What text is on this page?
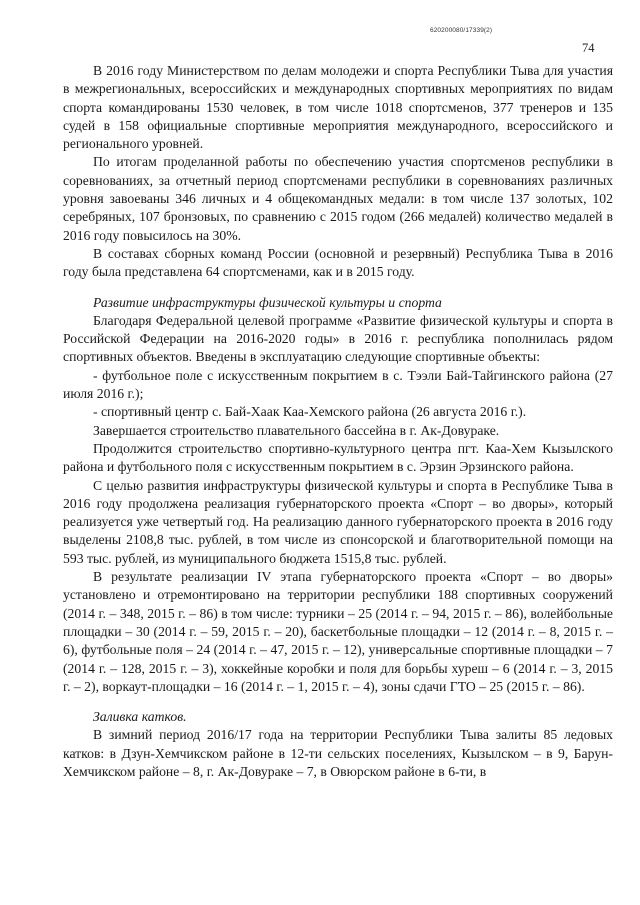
620200080/17339(2)
74

В 2016 году Министерством по делам молодежи и спорта Республики Тыва для участия в межрегиональных, всероссийских и международных спортивных мероприятиях по видам спорта командированы 1530 человек, в том числе 1018 спортсменов, 377 тренеров и 135 судей в 158 официальные спортивные мероприятия международного, всероссийского и регионального уровней.

По итогам проделанной работы по обеспечению участия спортсменов республики в соревнованиях, за отчетный период спортсменами республики в соревнованиях различных уровня завоеваны 346 личных и 4 общекомандных медали: в том числе 137 золотых, 102 серебряных, 107 бронзовых, по сравнению с 2015 годом (266 медалей) количество медалей в 2016 году повысилось на 30%.

В составах сборных команд России (основной и резервный) Республика Тыва в 2016 году была представлена 64 спортсменами, как и в 2015 году.

Развитие инфраструктуры физической культуры и спорта

Благодаря Федеральной целевой программе «Развитие физической культуры и спорта в Российской Федерации на 2016-2020 годы» в 2016 г. республика пополнилась рядом спортивных объектов. Введены в эксплуатацию следующие спортивные объекты:

- футбольное поле с искусственным покрытием в с. Тээли Бай-Тайгинского района (27 июля 2016 г.);

- спортивный центр с. Бай-Хаак Каа-Хемского района (26 августа 2016 г.).

Завершается строительство плавательного бассейна в г. Ак-Довураке.

Продолжится строительство спортивно-культурного центра пгт. Каа-Хем Кызылского района и футбольного поля с искусственным покрытием в с. Эрзин Эрзинского района.

С целью развития инфраструктуры физической культуры и спорта в Республике Тыва в 2016 году продолжена реализация губернаторского проекта «Спорт – во дворы», который реализуется уже четвертый год. На реализацию данного губернаторского проекта в 2016 году выделены 2108,8 тыс. рублей, в том числе из спонсорской и благотворительной помощи на 593 тыс. рублей, из муниципального бюджета 1515,8 тыс. рублей.

В результате реализации IV этапа губернаторского проекта «Спорт – во дворы» установлено и отремонтировано на территории республики 188 спортивных сооружений (2014 г. – 348, 2015 г. – 86) в том числе: турники – 25 (2014 г. – 94, 2015 г. – 86), волейбольные площадки – 30 (2014 г. – 59, 2015 г. – 20), баскетбольные площадки – 12 (2014 г. – 8, 2015 г. – 6), футбольные поля – 24 (2014 г. – 47, 2015 г. – 12), универсальные спортивные площадки – 7 (2014 г. – 128, 2015 г. – 3), хоккейные коробки и поля для борьбы хуреш – 6 (2014 г. – 3, 2015 г. – 2), воркаут-площадки – 16 (2014 г. – 1, 2015 г. – 4), зоны сдачи ГТО – 25 (2015 г. – 86).

Заливка катков.

В зимний период 2016/17 года на территории Республики Тыва залиты 85 ледовых катков: в Дзун-Хемчикском районе в 12-ти сельских поселениях, Кызылском – в 9, Барун-Хемчикском районе – 8, г. Ак-Довураке – 7, в Овюрском районе в 6-ти, в
